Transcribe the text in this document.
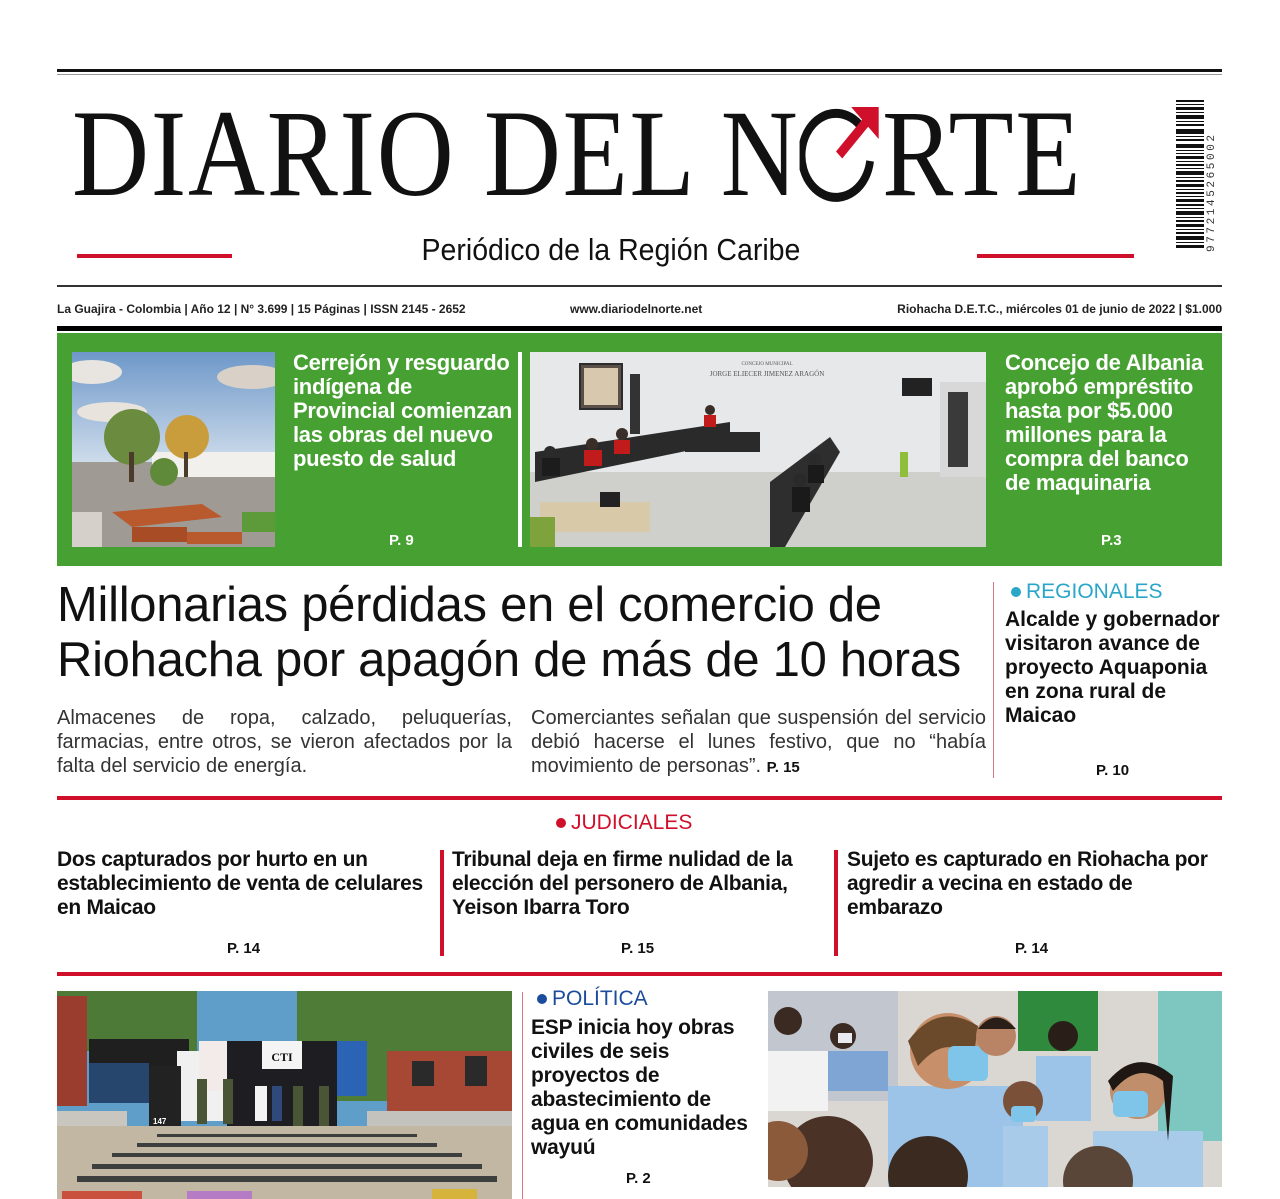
DIARIO DEL N RTE
Periódico de la Región Caribe	9772145265002
La Guajira - Colombia | Año 12 | N° 3.699 | 15 Páginas | ISSN 2145 - 2652	www.diariodelnorte.net	Riohacha D.E.T.C., miércoles 01 de junio de 2022 | $1.000
Cerrejón y resguardo indígena de Provincial comienzan las obras del nuevo puesto de salud
P. 9
CONCEJO MUNICIPAL
JORGE ELIECER JIMENEZ ARAGÓN	Concejo de Albania aprobó empréstito hasta por $5.000 millones para la compra del banco de maquinaria
P.3
Millonarias pérdidas en el comercio de Riohacha por apagón de más de 10 horas
Almacenes de ropa, calzado, peluquerías, farmacias, entre otros, se vieron afectados por la falta del servicio de energía.
Comerciantes señalan que suspensión del servicio debió hacerse el lunes festivo, que no “había movimiento de personas”. P. 15
REGIONALES
Alcalde y gobernador visitaron avance de proyecto Aquaponia en zona rural de Maicao
P. 10
JUDICIALES
Dos capturados por hurto en un establecimiento de venta de celulares en Maicao
P. 14
Tribunal deja en firme nulidad de la elección del personero de Albania, Yeison Ibarra Toro
P. 15
Sujeto es capturado en Riohacha por agredir a vecina en estado de embarazo
P. 14
CTI
147
POLÍTICA
ESP inicia hoy obras civiles de seis proyectos de abastecimiento de agua en comunidades wayuú
P. 2
